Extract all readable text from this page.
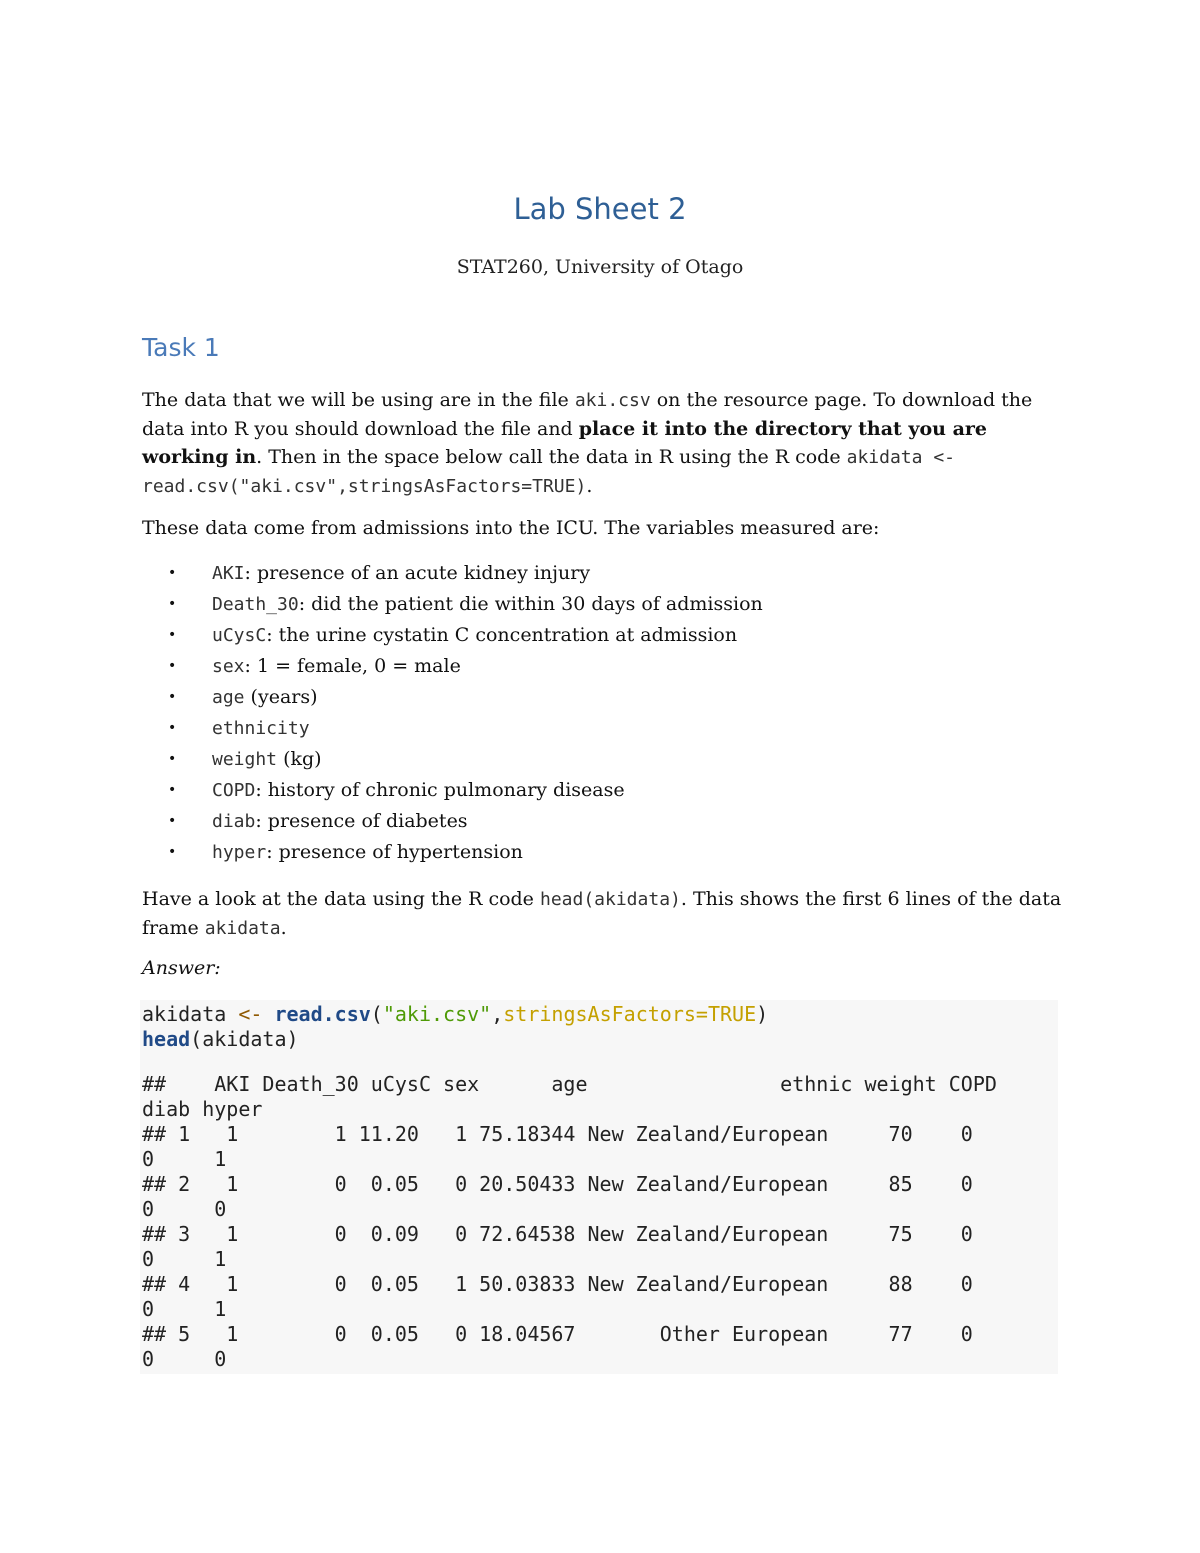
Lab Sheet 2

STAT260, University of Otago

Task 1

The data that we will be using are in the file aki.csv on the resource page. To download the data into R you should download the file and place it into the directory that you are working in. Then in the space below call the data in R using the R code akidata <- read.csv("aki.csv",stringsAsFactors=TRUE).

These data come from admissions into the ICU. The variables measured are:

• AKI: presence of an acute kidney injury
• Death_30: did the patient die within 30 days of admission
• uCysC: the urine cystatin C concentration at admission
• sex: 1 = female, 0 = male
• age (years)
• ethnicity
• weight (kg)
• COPD: history of chronic pulmonary disease
• diab: presence of diabetes
• hyper: presence of hypertension

Have a look at the data using the R code head(akidata). This shows the first 6 lines of the data frame akidata.

Answer:

akidata <- read.csv("aki.csv",stringsAsFactors=TRUE)
head(akidata)
##    AKI Death_30 uCysC sex      age                ethnic weight COPD
diab hyper
## 1   1        1 11.20   1 75.18344 New Zealand/European     70    0
0     1
## 2   1        0  0.05   0 20.50433 New Zealand/European     85    0
0     0
## 3   1        0  0.09   0 72.64538 New Zealand/European     75    0
0     1
## 4   1        0  0.05   1 50.03833 New Zealand/European     88    0
0     1
## 5   1        0  0.05   0 18.04567       Other European     77    0
0     0
